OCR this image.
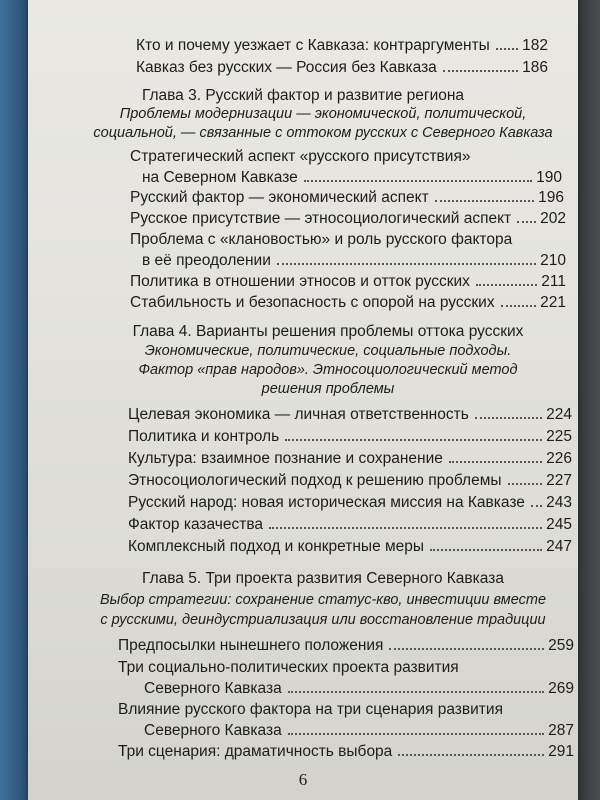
Кто и почему уезжает с Кавказа: контраргументы 182
Кавказ без русских — Россия без Кавказа	186
Глава 3. Русский фактор и развитие региона
Проблемы модернизации — экономической, политической,
социальной, — связанные с оттоком русских с Северного Кавказа
Стратегический аспект «русского присутствия»
на Северном Кавказе	190
Русский фактор — экономический аспект	196
Русское присутствие — этносоциологический аспект 202
Проблема с «клановостью» и роль русского фактора
в её преодолении	210
Политика в отношении этносов и отток русских	211
Стабильность и безопасность с опорой на русских	221
Глава 4. Варианты решения проблемы оттока русских
Экономические, политические, социальные подходы.
Фактор «прав народов». Этносоциологический метод
решения проблемы
Целевая экономика — личная ответственность	224
Политика и контроль	225
Культура: взаимное познание и сохранение	226
Этносоциологический подход к решению проблемы	227
Русский народ: новая историческая миссия на Кавказе 243
Фактор казачества	245
Комплексный подход и конкретные меры	247
Глава 5. Три проекта развития Северного Кавказа
Выбор стратегии: сохранение статус-кво, инвестиции вместе
с русскими, деиндустриализация или восстановление традиции
Предпосылки нынешнего положения	259
Три социально-политических проекта развития
Северного Кавказа	269
Влияние русского фактора на три сценария развития
Северного Кавказа	287
Три сценария: драматичность выбора	291
6
